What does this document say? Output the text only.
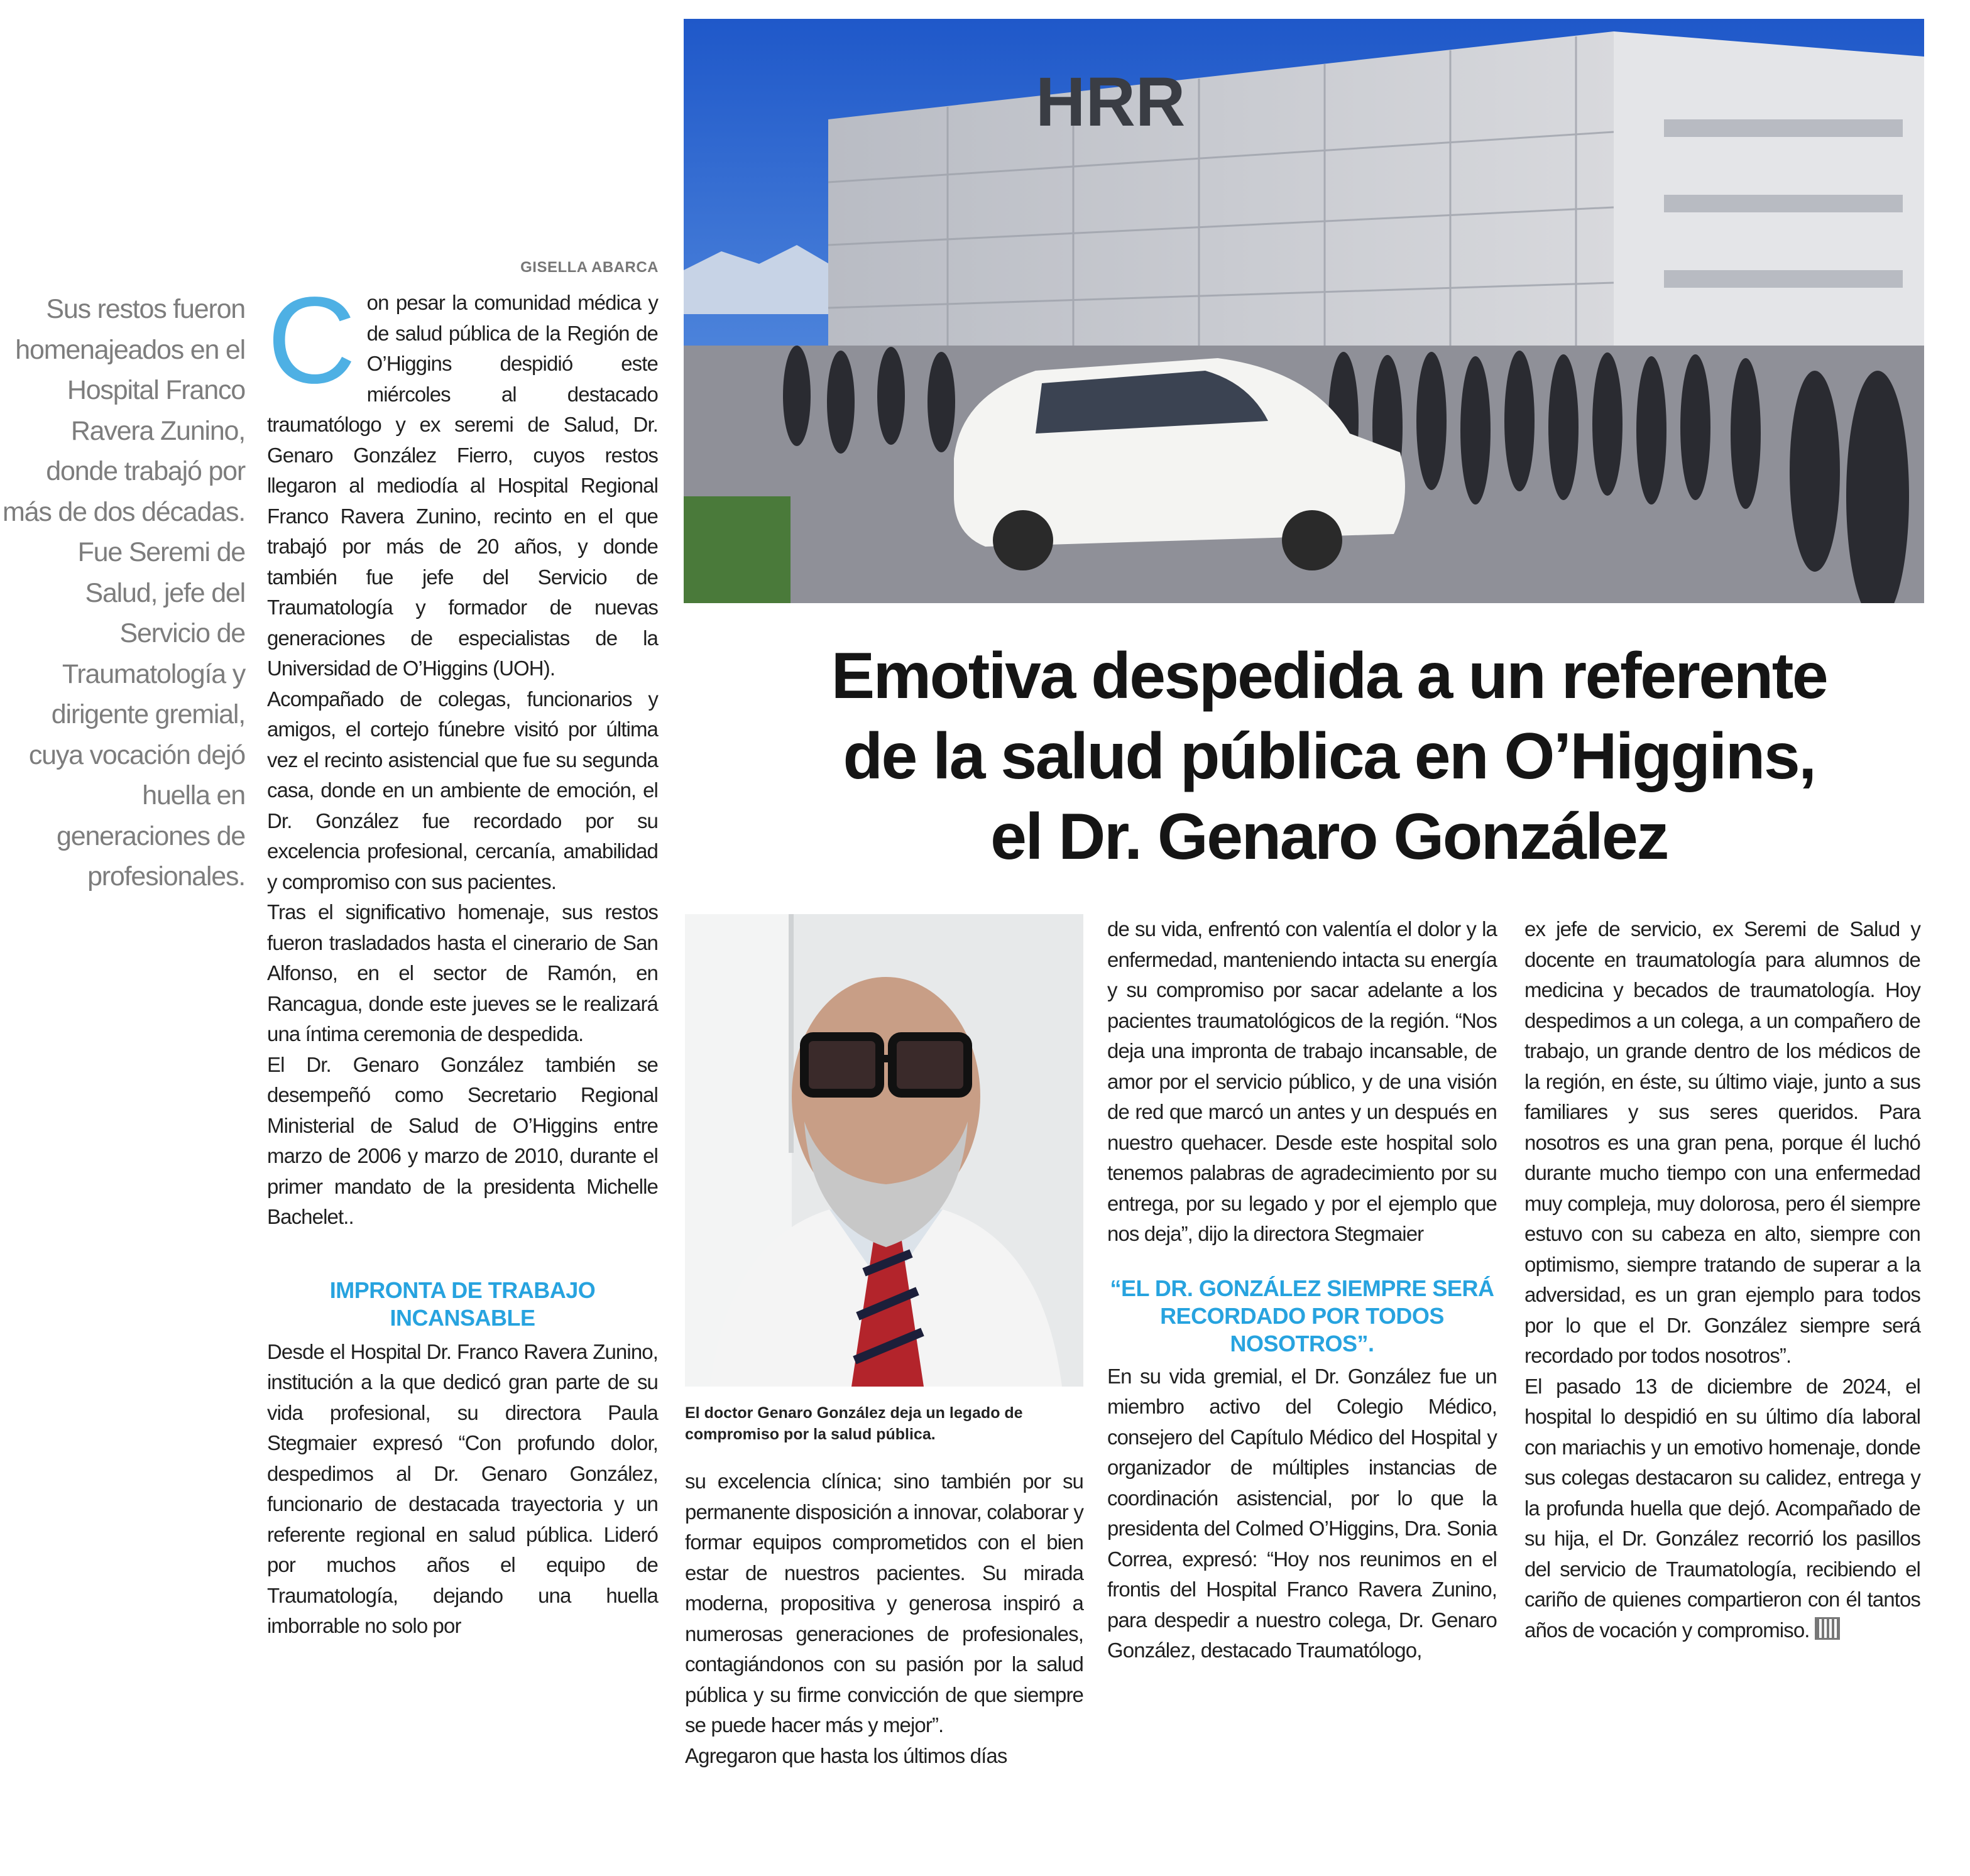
HRR
Sus restos fueron homenajeados en el Hospital Franco Ravera Zunino, donde trabajó por más de dos décadas. Fue Seremi de Salud, jefe del Servicio de Traumatología y dirigente gremial, cuya vocación dejó huella en generaciones de profesionales.
GISELLA ABARCA
C on pesar la comunidad médica y de salud pública de la Región de O’Higgins despidió este miércoles al destacado traumatólogo y ex seremi de Salud, Dr. Genaro González Fierro, cuyos restos llegaron al mediodía al Hospital Regional Franco Ravera Zunino, recinto en el que trabajó por más de 20 años, y donde también fue jefe del Servicio de Traumatología y formador de nuevas generaciones de especialistas de la Universidad de O’Higgins (UOH).

Acompañado de colegas, funcionarios y amigos, el cortejo fúnebre visitó por última vez el recinto asistencial que fue su segunda casa, donde en un ambiente de emoción, el Dr. González fue recordado por su excelencia profesional, cercanía, amabilidad y compromiso con sus pacientes.

Tras el significativo homenaje, sus restos fueron trasladados hasta el cinerario de San Alfonso, en el sector de Ramón, en Rancagua, donde este jueves se le realizará una íntima ceremonia de despedida.

El Dr. Genaro González también se desempeñó como Secretario Regional Ministerial de Salud de O’Higgins entre marzo de 2006 y marzo de 2010, durante el primer mandato de la presidenta Michelle Bachelet..

IMPRONTA DE TRABAJO INCANSABLE

Desde el Hospital Dr. Franco Ravera Zunino, institución a la que dedicó gran parte de su vida profesional, su directora Paula Stegmaier expresó “Con profundo dolor, despedimos al Dr. Genaro González, funcionario de destacada trayectoria y un referente regional en salud pública. Lideró por muchos años el equipo de Traumatología, dejando una huella imborrable no solo por

Emotiva despedida a un referente
de la salud pública en O’Higgins,
el Dr. Genaro González
El doctor Genaro González deja un legado de compromiso por la salud pública.

su excelencia clínica; sino también por su permanente disposición a innovar, colaborar y formar equipos comprometidos con el bien estar de nuestros pacientes. Su mirada moderna, propositiva y generosa inspiró a numerosas generaciones de profesionales, contagiándonos con su pasión por la salud pública y su firme convicción de que siempre se puede hacer más y mejor”.

Agregaron que hasta los últimos días

de su vida, enfrentó con valentía el dolor y la enfermedad, manteniendo intacta su energía y su compromiso por sacar adelante a los pacientes traumatológicos de la región. “Nos deja una impronta de trabajo incansable, de amor por el servicio público, y de una visión de red que marcó un antes y un después en nuestro quehacer. Desde este hospital solo tenemos palabras de agradecimiento por su entrega, por su legado y por el ejemplo que nos deja”, dijo la directora Stegmaier

“EL DR. GONZÁLEZ SIEMPRE SERÁ RECORDADO POR TODOS NOSOTROS”.

En su vida gremial, el Dr. González fue un miembro activo del Colegio Médico, consejero del Capítulo Médico del Hospital y organizador de múltiples instancias de coordinación asistencial, por lo que la presidenta del Colmed O’Higgins, Dra. Sonia Correa, expresó: “Hoy nos reunimos en el frontis del Hospital Franco Ravera Zunino, para despedir a nuestro colega, Dr. Genaro González, destacado Traumatólogo,

ex jefe de servicio, ex Seremi de Salud y docente en traumatología para alumnos de medicina y becados de traumatología. Hoy despedimos a un colega, a un compañero de trabajo, un grande dentro de los médicos de la región, en éste, su último viaje, junto a sus familiares y sus seres queridos. Para nosotros es una gran pena, porque él luchó durante mucho tiempo con una enfermedad muy compleja, muy dolorosa, pero él siempre estuvo con su cabeza en alto, siempre con optimismo, siempre tratando de superar a la adversidad, es un gran ejemplo para todos por lo que el Dr. González siempre será recordado por todos nosotros”.

El pasado 13 de diciembre de 2024, el hospital lo despidió en su último día laboral con mariachis y un emotivo homenaje, donde sus colegas destacaron su calidez, entrega y la profunda huella que dejó. Acompañado de su hija, el Dr. González recorrió los pasillos del servicio de Traumatología, recibiendo el cariño de quienes compartieron con él tantos años de vocación y compromiso.
